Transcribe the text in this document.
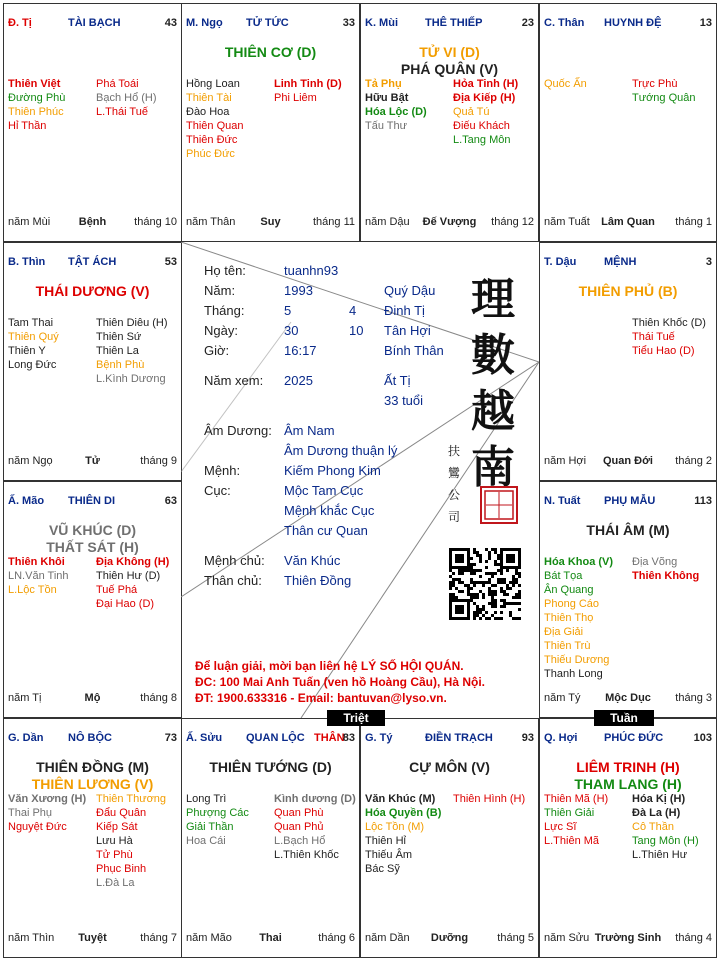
Đ. Tị	TÀI BẠCH	43
Thiên Việt
Đường Phù
Thiên Phúc
Hỉ Thần
Phá Toái
Bạch Hổ (H)
L.Thái Tuế
năm Mùi	Bệnh	tháng 10
M. Ngọ TỬ TỨC	33
THIÊN CƠ (D)
Hồng Loan
Thiên Tài
Đào Hoa
Thiên Quan
Thiên Đức
Phúc Đức
Linh Tinh (D)
Phi Liêm
năm Thân	Suy	tháng 11
K. Mùi THÊ THIẾP	23
TỬ VI (D)
PHÁ QUÂN (V)
Tả Phụ
Hữu Bật
Hóa Lộc (D)
Tấu Thư
Hỏa Tinh (H)
Địa Kiếp (H)
Quả Tú
Điếu Khách
L.Tang Môn
năm Dậu	Đế Vượng	tháng 12
C. Thân HUYNH ĐỆ	13
Quốc Ấn	Trực Phù
Tướng Quân
năm Tuất	Lâm Quan	tháng 1
B. Thìn TẬT ÁCH	53
THÁI DƯƠNG (V)
Tam Thai
Thiên Quý
Thiên Y
Long Đức
Thiên Diêu (H)
Thiên Sứ
Thiên La
Bệnh Phù
L.Kình Dương
năm Ngọ	Tử	tháng 9
T. Dậu	MỆNH	3
THIÊN PHỦ (B)
Thiên Khốc (D)
Thái Tuế
Tiểu Hao (D)
năm Hợi	Quan Đới	tháng 2
Ấ. Mão THIÊN DI	63
VŨ KHÚC (D)
THẤT SÁT (H)
Thiên Khôi
LN.Văn Tinh
L.Lộc Tồn
Địa Không (H)
Thiên Hư (D)
Tuế Phá
Đại Hao (D)
năm Tị	Mộ	tháng 8
N. Tuất PHỤ MẪU	113
THÁI ÂM (M)
Hóa Khoa (V)
Bát Tọa
Ân Quang
Phong Cáo
Thiên Thọ
Địa Giải
Thiên Trù
Thiếu Dương
Thanh Long
Địa Võng
Thiên Không
năm Tý	Mộc Dục	tháng 3
G. Dần NÔ BỘC	73
THIÊN ĐỒNG (M)
THIÊN LƯƠNG (V)
Văn Xương (H)
Thai Phụ
Nguyệt Đức
Thiên Thương
Đẩu Quân
Kiếp Sát
Lưu Hà
Tử Phù
Phục Binh
L.Đà La
năm Thìn	Tuyệt	tháng 7
Ấ. Sửu QUAN LỘC THÂN
83
THIÊN TƯỚNG (D)
Long Trì
Phượng Các
Giải Thần
Hoa Cái
Kình dương (D)
Quan Phù
Quan Phủ
L.Bạch Hổ
L.Thiên Khốc
năm Mão	Thai	tháng 6
G. Tý	ĐIỀN TRẠCH	93
CỰ MÔN (V)
Văn Khúc (M)
Hóa Quyền (B)
Lộc Tồn (M)
Thiên Hỉ
Thiếu Âm
Bác Sỹ
Thiên Hình (H)
năm Dần	Dưỡng	tháng 5
Q. Hợi PHÚC ĐỨC	103
LIÊM TRINH (H)
THAM LANG (H)
Thiên Mã (H)
Thiên Giải
Lực Sĩ
L.Thiên Mã
Hóa Kị (H)
Đà La (H)
Cô Thần
Tang Môn (H)
L.Thiên Hư
năm Sửu Trường Sinh	tháng 4
Họ tên:	tuanhn93
Năm:	1993	Quý Dậu
Tháng:	5	4 Đinh Tị
Ngày:	30	10 Tân Hợi
Giờ:	16:17	Bính Thân
Năm xem: 2025	Ất Tị
33 tuổi
Âm Dương: Âm Nam
Âm Dương thuận lý
Mệnh:	Kiếm Phong Kim
Cục:	Mộc Tam Cục
Mệnh khắc Cục
Thân cư Quan
Mệnh chủ: Văn Khúc
Thân chủ: Thiên Đồng
理數越南
扶鸞公司
Để luận giải, mời bạn liên hệ LÝ SỐ HỘI QUÁN.
ĐC: 100 Mai Anh Tuấn (ven hồ Hoàng Cầu), Hà Nội.
ĐT: 1900.633316 - Email: bantuvan@lyso.vn.
Triệt	Tuần
